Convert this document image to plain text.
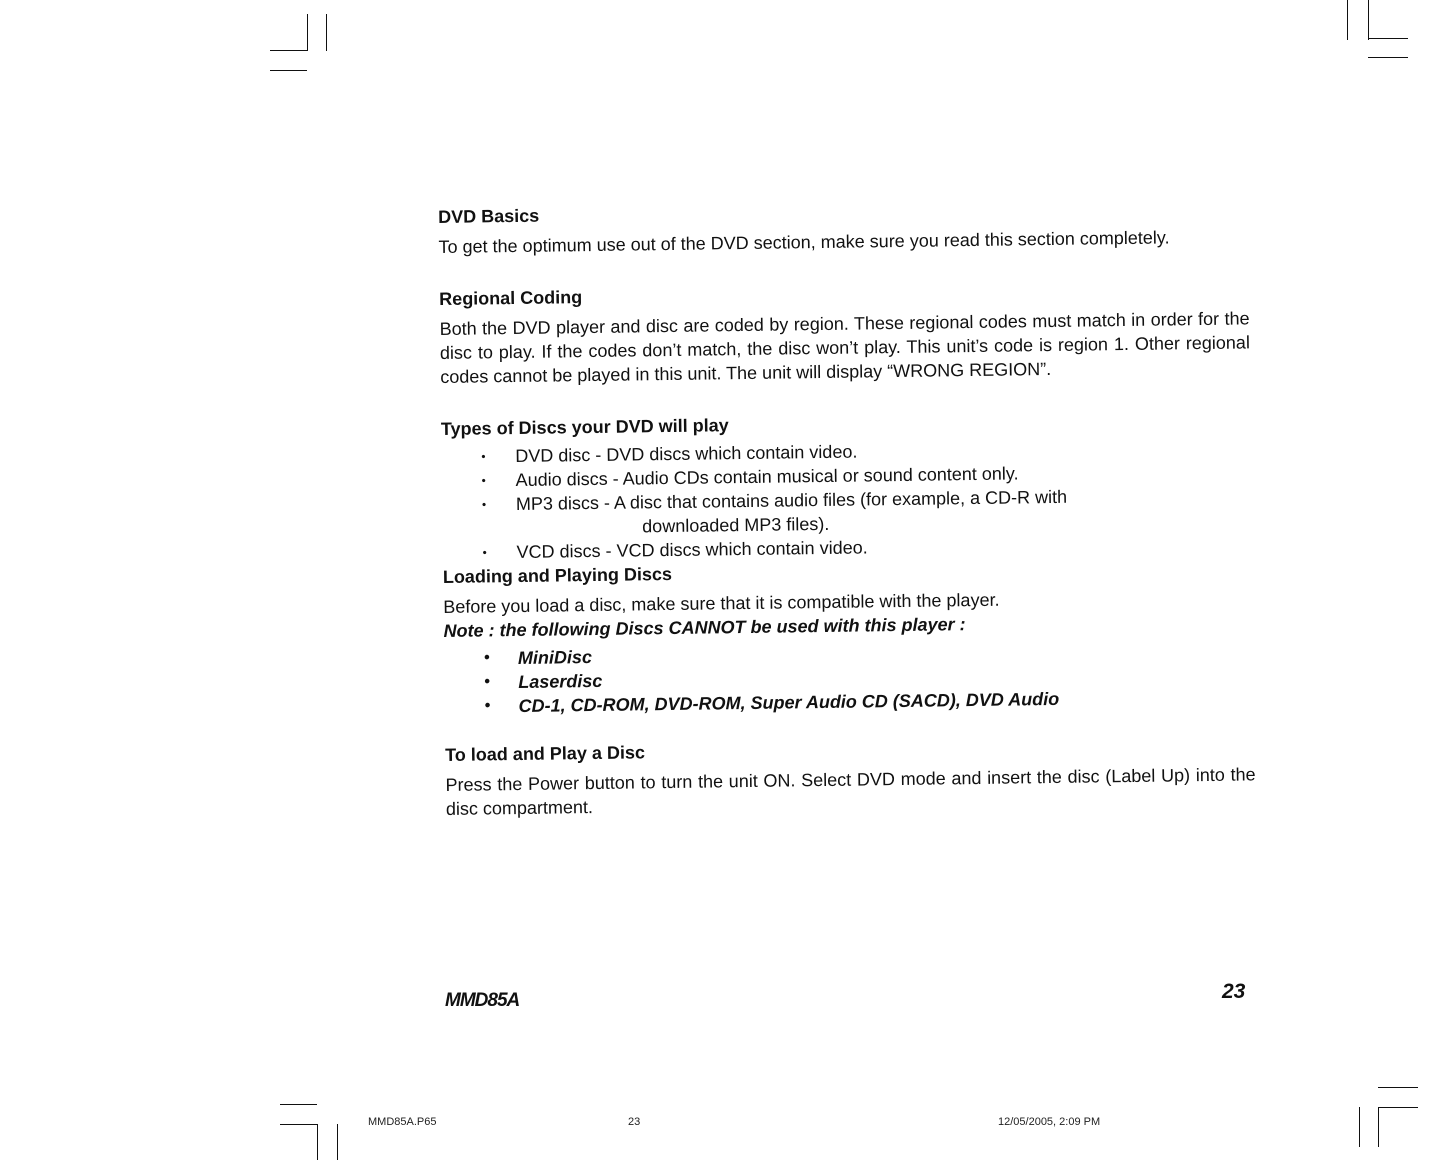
DVD Basics

To get the optimum use out of the DVD section, make sure you read this section completely.

Regional Coding

Both the DVD player and disc are coded by region. These regional codes must match in order for the disc to play. If the codes don’t match, the disc won’t play. This unit’s code is region 1. Other regional codes cannot be played in this unit. The unit will display “WRONG REGION”.

Types of Discs your DVD will play
• DVD disc - DVD discs which contain video.
• Audio discs - Audio CDs contain musical or sound content only.
• MP3 discs - A disc that contains audio files (for example, a CD-R with
downloaded MP3 files).
• VCD discs - VCD discs which contain video.
Loading and Playing Discs

Before you load a disc, make sure that it is compatible with the player.

Note : the following Discs CANNOT be used with this player :

• MiniDisc
• Laserdisc
• CD-1, CD-ROM, DVD-ROM, Super Audio CD (SACD), DVD Audio
To load and Play a Disc

Press the Power button to turn the unit ON. Select DVD mode and insert the disc (Label Up) into the disc compartment.

MMD85A	23
MMD85A.P65	23	12/05/2005, 2:09 PM
